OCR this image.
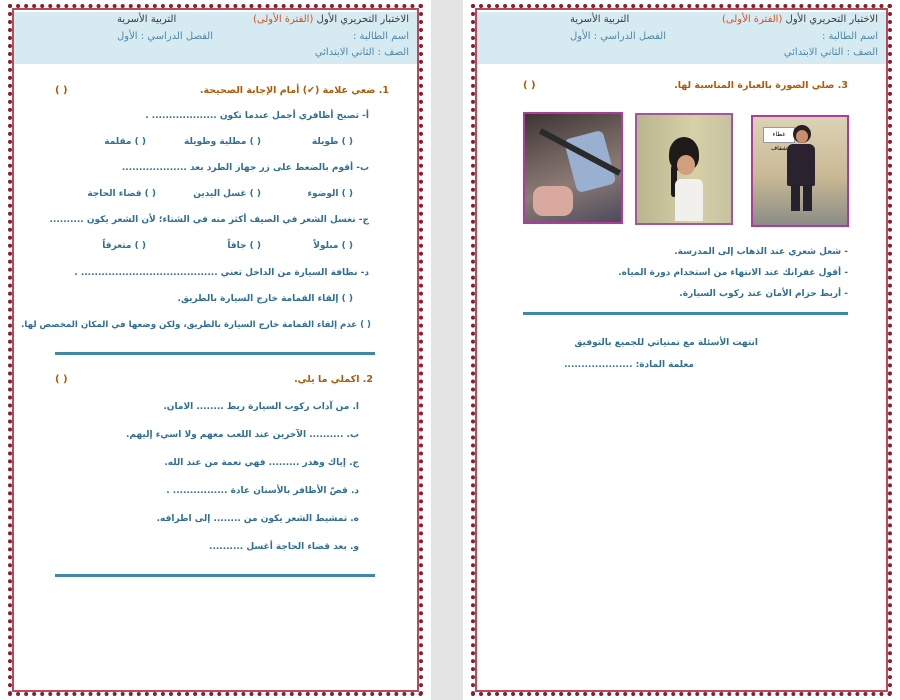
الاختبار التحريري الأول (الفترة الأولى)
التربية الأسرية
اسم الطالبة :
الفصل الدراسي : الأول
الصف : الثاني الابتدائي
1. ضعي علامة (✔) أمام الإجابة الصحيحة.
( )
أ- تصبح أظافري أجمل عندما تكون ................... .
( ) طويلة
( ) مطلية وطويلة
( ) مقلمة
ب- أقوم بالضغط على زر جهاز الطرد بعد ...................
( ) الوضوء
( ) غسل اليدين
( ) قضاء الحاجة
ج- نغسل الشعر في الصيف أكثر منه في الشتاء؛ لأن الشعر يكون ..........
( ) مبلولاً
( ) جافاً
( ) متعرقاً
د- نظافة السيارة من الداخل تعني ........................................ .
( ) إلقاء القمامة خارج السيارة بالطريق.
( ) عدم إلقاء القمامة خارج السيارة بالطريق، ولكن وضعها في المكان المخصص لها.
2. اكملي ما يلي.
( )
ا. من آداب ركوب السيارة ربط ........ الامان.
ب. .......... الآخرين عند اللعب معهم ولا اسيء إليهم.
ج. إياك وهدر ......... فهي نعمة من عند الله.
د. قصّ الأظافر بالأسنان عادة ................ .
ه. تمشيط الشعر يكون من ........ إلى اطرافه.
و. بعد قضاء الحاجة أغسل ..........
الاختبار التحريري الأول (الفترة الأولى)
التربية الأسرية
اسم الطالبة :
الفصل الدراسي : الأول
الصف : الثاني الابتدائي
3. صلي الصورة بالعبارة المناسبة لها.
( )
غطاء شفاف
- شعل شعري عند الذهاب إلى المدرسة.
- أقول غفرانك عند الانتهاء من استخدام دورة المياه.
- أربط حزام الأمان عند ركوب السيارة.
انتهت الأسئلة مع تمنياتي للجميع بالتوفيق
معلمة المادة: ....................
